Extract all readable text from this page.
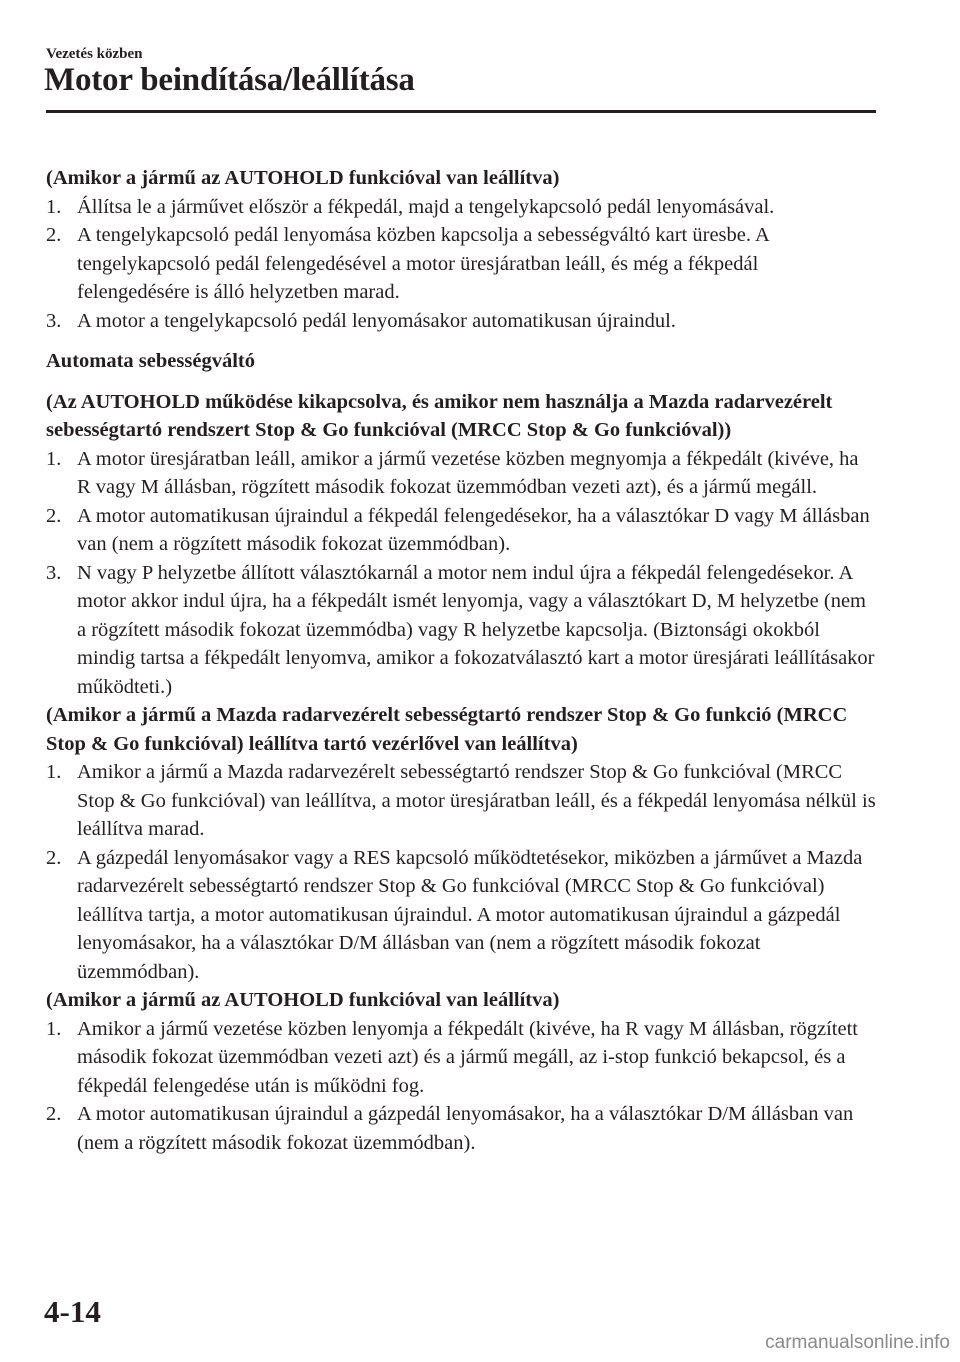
Vezetés közben
Motor beindítása/leállítása
(Amikor a jármű az AUTOHOLD funkcióval van leállítva)
1. Állítsa le a járművet először a fékpedál, majd a tengelykapcsoló pedál lenyomásával.
2. A tengelykapcsoló pedál lenyomása közben kapcsolja a sebességváltó kart üresbe. A tengelykapcsoló pedál felengedésével a motor üresjáratban leáll, és még a fékpedál felengedésére is álló helyzetben marad.
3. A motor a tengelykapcsoló pedál lenyomásakor automatikusan újraindul.
Automata sebességváltó
(Az AUTOHOLD működése kikapcsolva, és amikor nem használja a Mazda radarvezérelt sebességtartó rendszert Stop & Go funkcióval (MRCC Stop & Go funkcióval))
1. A motor üresjáratban leáll, amikor a jármű vezetése közben megnyomja a fékpedált (kivéve, ha R vagy M állásban, rögzített második fokozat üzemmódban vezeti azt), és a jármű megáll.
2. A motor automatikusan újraindul a fékpedál felengedésekor, ha a választókar D vagy M állásban van (nem a rögzített második fokozat üzemmódban).
3. N vagy P helyzetbe állított választókarnál a motor nem indul újra a fékpedál felengedésekor. A motor akkor indul újra, ha a fékpedált ismét lenyomja, vagy a választókart D, M helyzetbe (nem a rögzített második fokozat üzemmódba) vagy R helyzetbe kapcsolja. (Biztonsági okokból mindig tartsa a fékpedált lenyomva, amikor a fokozatválasztó kart a motor üresjárati leállításakor működteti.)
(Amikor a jármű a Mazda radarvezérelt sebességtartó rendszer Stop & Go funkció (MRCC Stop & Go funkcióval) leállítva tartó vezérlővel van leállítva)
1. Amikor a jármű a Mazda radarvezérelt sebességtartó rendszer Stop & Go funkcióval (MRCC Stop & Go funkcióval) van leállítva, a motor üresjáratban leáll, és a fékpedál lenyomása nélkül is leállítva marad.
2. A gázpedál lenyomásakor vagy a RES kapcsoló működtetésekor, miközben a járművet a Mazda radarvezérelt sebességtartó rendszer Stop & Go funkcióval (MRCC Stop & Go funkcióval) leállítva tartja, a motor automatikusan újraindul. A motor automatikusan újraindul a gázpedál lenyomásakor, ha a választókar D/M állásban van (nem a rögzített második fokozat üzemmódban).
(Amikor a jármű az AUTOHOLD funkcióval van leállítva)
1. Amikor a jármű vezetése közben lenyomja a fékpedált (kivéve, ha R vagy M állásban, rögzített második fokozat üzemmódban vezeti azt) és a jármű megáll, az i-stop funkció bekapcsol, és a fékpedál felengedése után is működni fog.
2. A motor automatikusan újraindul a gázpedál lenyomásakor, ha a választókar D/M állásban van (nem a rögzített második fokozat üzemmódban).
4-14
carmanualsonline.info
